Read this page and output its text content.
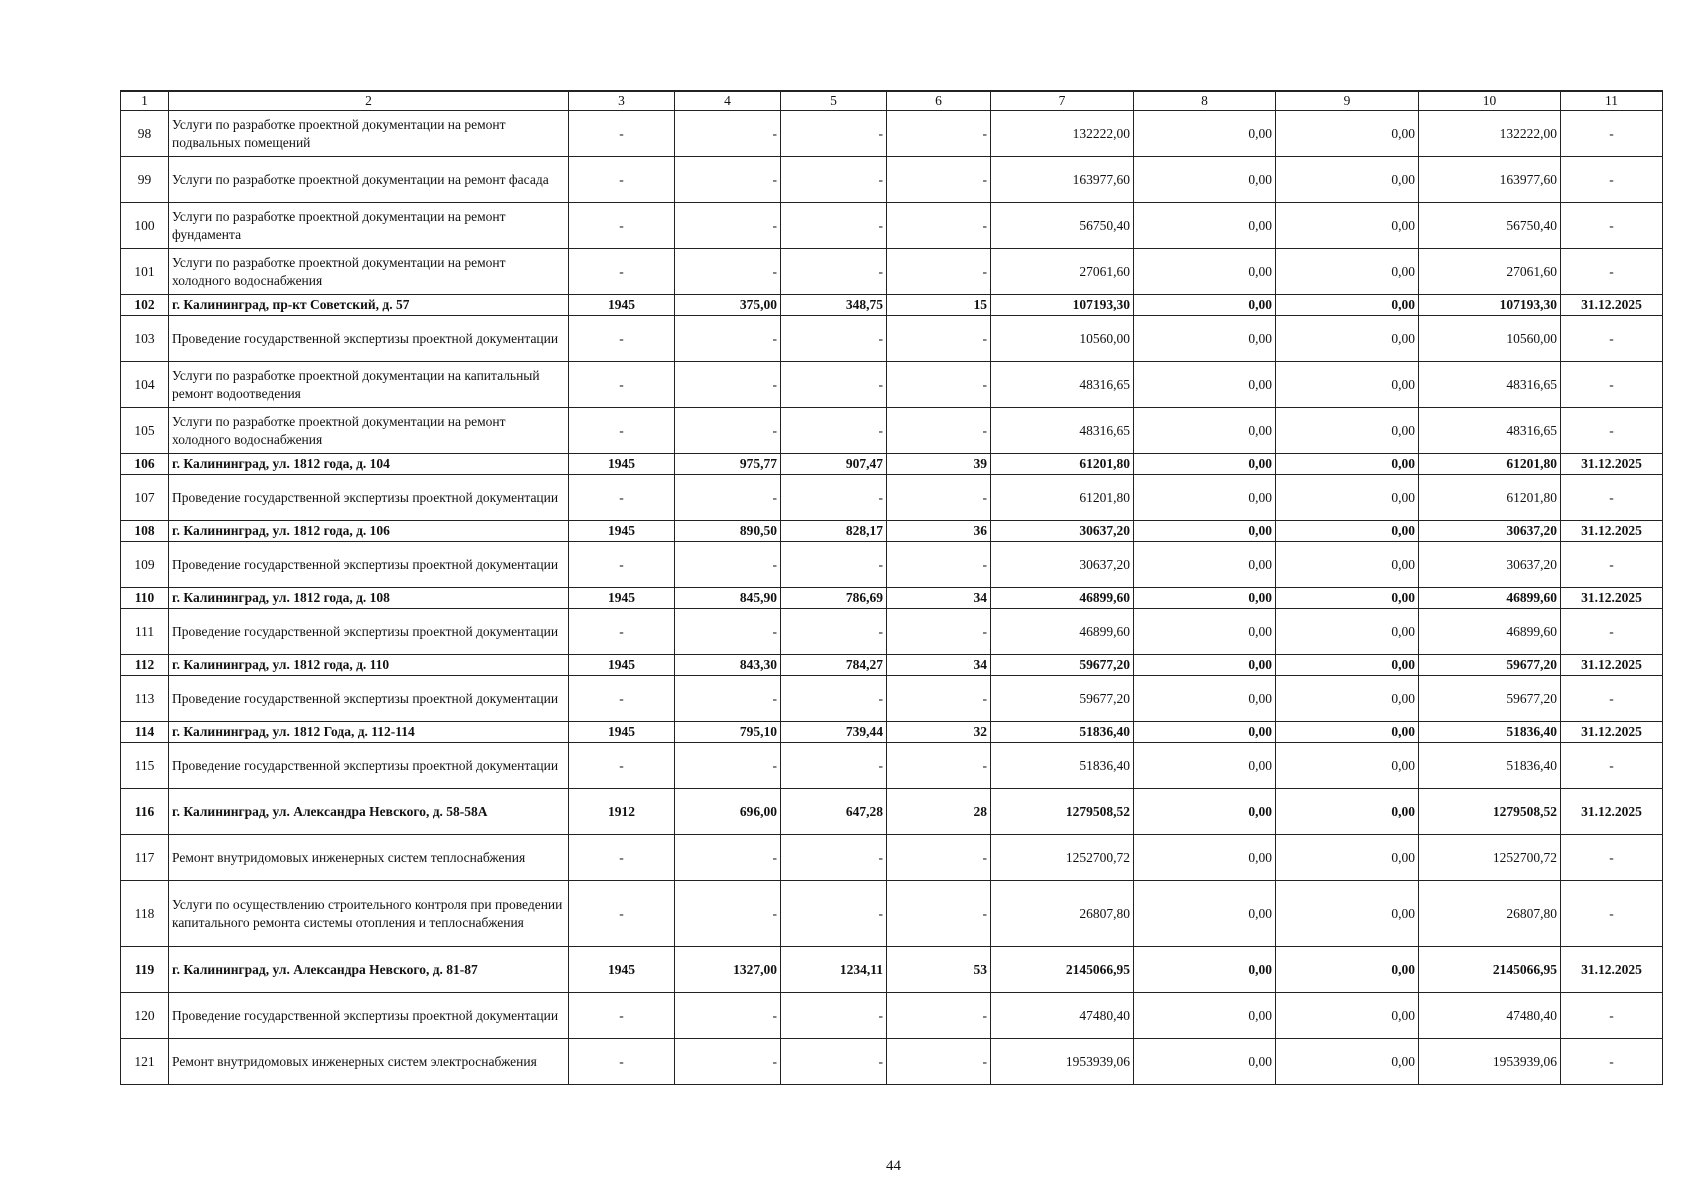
1	2	3	4	5	6	7	8	9	10	11
98	Услуги по разработке проектной документации на ремонт подвальных помещений	-	-	-	-	132222,00	0,00	0,00	132222,00	-
99	Услуги по разработке проектной документации на ремонт фасада	-	-	-	-	163977,60	0,00	0,00	163977,60	-
100	Услуги по разработке проектной документации на ремонт фундамента	-	-	-	-	56750,40	0,00	0,00	56750,40	-
101	Услуги по разработке проектной документации на ремонт холодного водоснабжения	-	-	-	-	27061,60	0,00	0,00	27061,60	-
102	г. Калининград, пр-кт Советский, д. 57	1945	375,00	348,75	15	107193,30	0,00	0,00	107193,30	31.12.2025
103	Проведение государственной экспертизы проектной документации	-	-	-	-	10560,00	0,00	0,00	10560,00	-
104	Услуги по разработке проектной документации на капитальный ремонт водоотведения	-	-	-	-	48316,65	0,00	0,00	48316,65	-
105	Услуги по разработке проектной документации на ремонт холодного водоснабжения	-	-	-	-	48316,65	0,00	0,00	48316,65	-
106	г. Калининград, ул. 1812 года, д. 104	1945	975,77	907,47	39	61201,80	0,00	0,00	61201,80	31.12.2025
107	Проведение государственной экспертизы проектной документации	-	-	-	-	61201,80	0,00	0,00	61201,80	-
108	г. Калининград, ул. 1812 года, д. 106	1945	890,50	828,17	36	30637,20	0,00	0,00	30637,20	31.12.2025
109	Проведение государственной экспертизы проектной документации	-	-	-	-	30637,20	0,00	0,00	30637,20	-
110	г. Калининград, ул. 1812 года, д. 108	1945	845,90	786,69	34	46899,60	0,00	0,00	46899,60	31.12.2025
111	Проведение государственной экспертизы проектной документации	-	-	-	-	46899,60	0,00	0,00	46899,60	-
112	г. Калининград, ул. 1812 года, д. 110	1945	843,30	784,27	34	59677,20	0,00	0,00	59677,20	31.12.2025
113	Проведение государственной экспертизы проектной документации	-	-	-	-	59677,20	0,00	0,00	59677,20	-
114	г. Калининград, ул. 1812 Года, д. 112-114	1945	795,10	739,44	32	51836,40	0,00	0,00	51836,40	31.12.2025
115	Проведение государственной экспертизы проектной документации	-	-	-	-	51836,40	0,00	0,00	51836,40	-
116	г. Калининград, ул. Александра Невского, д. 58-58А	1912	696,00	647,28	28	1279508,52	0,00	0,00	1279508,52	31.12.2025
117	Ремонт внутридомовых инженерных систем теплоснабжения	-	-	-	-	1252700,72	0,00	0,00	1252700,72	-
118	Услуги по осуществлению строительного контроля при проведении капитального ремонта системы отопления и теплоснабжения	-	-	-	-	26807,80	0,00	0,00	26807,80	-
119	г. Калининград, ул. Александра Невского, д. 81-87	1945	1327,00	1234,11	53	2145066,95	0,00	0,00	2145066,95	31.12.2025
120	Проведение государственной экспертизы проектной документации	-	-	-	-	47480,40	0,00	0,00	47480,40	-
121	Ремонт внутридомовых инженерных систем электроснабжения	-	-	-	-	1953939,06	0,00	0,00	1953939,06	-
44
